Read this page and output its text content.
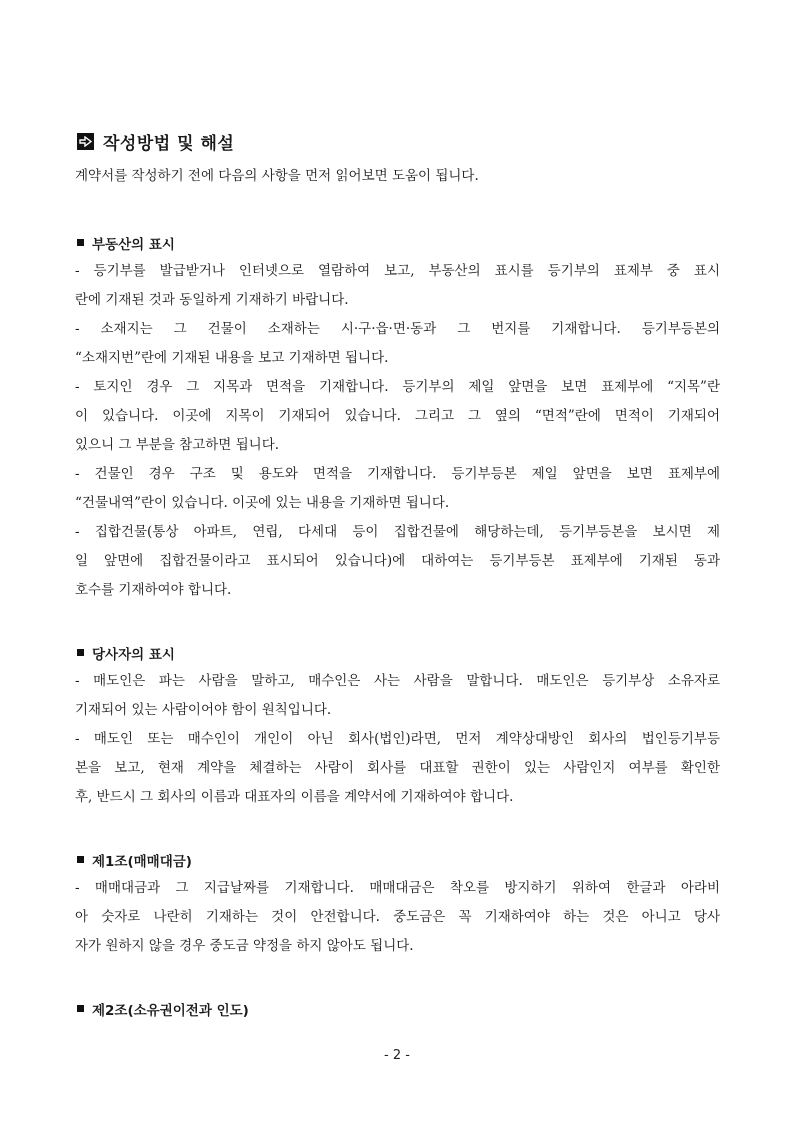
작성방법 및 해설
계약서를 작성하기 전에 다음의 사항을 먼저 읽어보면 도움이 됩니다.
부동산의 표시
- 등기부를 발급받거나 인터넷으로 열람하여 보고, 부동산의 표시를 등기부의 표제부 중 표시
란에 기재된 것과 동일하게 기재하기 바랍니다.
- 소재지는 그 건물이 소재하는 시·구·읍·면·동과 그 번지를 기재합니다. 등기부등본의
“소재지번”란에 기재된 내용을 보고 기재하면 됩니다.
- 토지인 경우 그 지목과 면적을 기재합니다. 등기부의 제일 앞면을 보면 표제부에 “지목”란
이 있습니다. 이곳에 지목이 기재되어 있습니다. 그리고 그 옆의 “면적”란에 면적이 기재되어
있으니 그 부분을 참고하면 됩니다.
- 건물인 경우 구조 및 용도와 면적을 기재합니다. 등기부등본 제일 앞면을 보면 표제부에
“건물내역”란이 있습니다. 이곳에 있는 내용을 기재하면 됩니다.
- 집합건물(통상 아파트, 연립, 다세대 등이 집합건물에 해당하는데, 등기부등본을 보시면 제
일 앞면에 집합건물이라고 표시되어 있습니다)에 대하여는 등기부등본 표제부에 기재된 동과
호수를 기재하여야 합니다.
당사자의 표시
- 매도인은 파는 사람을 말하고, 매수인은 사는 사람을 말합니다. 매도인은 등기부상 소유자로
기재되어 있는 사람이어야 함이 원칙입니다.
- 매도인 또는 매수인이 개인이 아닌 회사(법인)라면, 먼저 계약상대방인 회사의 법인등기부등
본을 보고, 현재 계약을 체결하는 사람이 회사를 대표할 권한이 있는 사람인지 여부를 확인한
후, 반드시 그 회사의 이름과 대표자의 이름을 계약서에 기재하여야 합니다.
제1조(매매대금)
- 매매대금과 그 지급날짜를 기재합니다. 매매대금은 착오를 방지하기 위하여 한글과 아라비
아 숫자로 나란히 기재하는 것이 안전합니다. 중도금은 꼭 기재하여야 하는 것은 아니고 당사
자가 원하지 않을 경우 중도금 약정을 하지 않아도 됩니다.
제2조(소유권이전과 인도)
- 2 -
